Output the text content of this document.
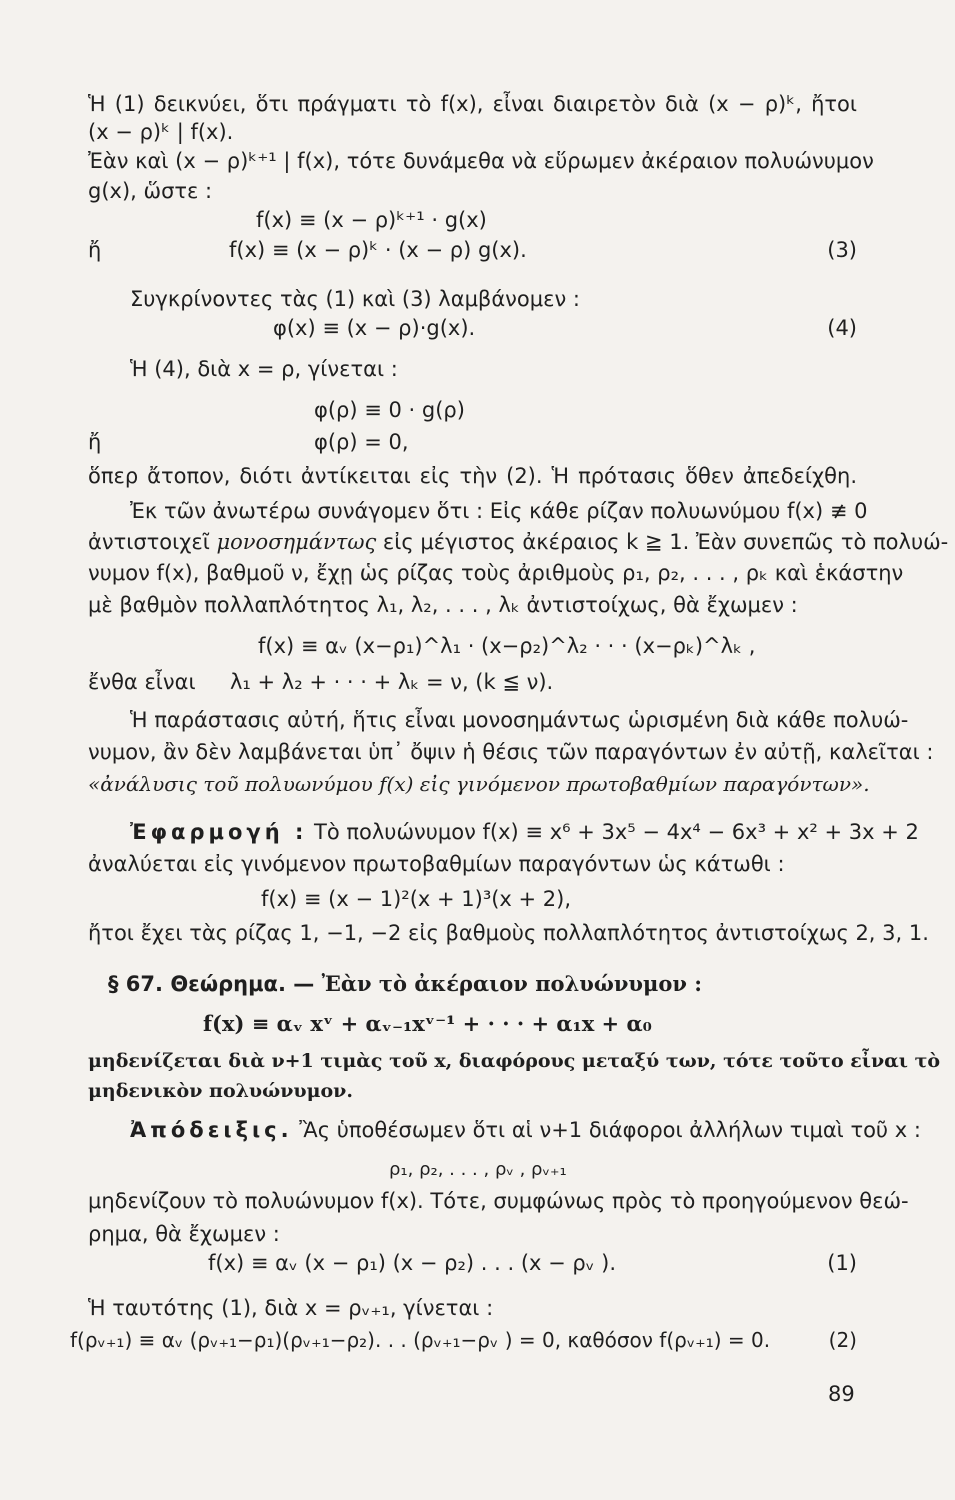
Ἡ (1) δεικνύει, ὅτι πράγματι τὸ f(x), εἶναι διαιρετὸν διὰ (x − ρ)ᵏ, ἤτοι
(x − ρ)ᵏ | f(x).
Ἐὰν καὶ (x − ρ)ᵏ⁺¹ | f(x), τότε δυνάμεθα νὰ εὕρωμεν ἀκέραιον πολυώνυμον
g(x), ὥστε :
f(x) ≡ (x − ρ)ᵏ⁺¹ · g(x)
ἤ	f(x) ≡ (x − ρ)ᵏ · (x − ρ) g(x).	(3)
Συγκρίνοντες τὰς (1) καὶ (3) λαμβάνομεν :
φ(x) ≡ (x − ρ)·g(x).	(4)
Ἡ (4), διὰ x = ρ, γίνεται :
φ(ρ) ≡ 0 · g(ρ)
ἤ	φ(ρ) = 0,
ὅπερ ἄτοπον, διότι ἀντίκειται εἰς τὴν (2). Ἡ πρότασις ὅθεν ἀπεδείχθη.
Ἐκ τῶν ἀνωτέρω συνάγομεν ὅτι : Εἰς κάθε ρίζαν πολυωνύμου f(x) ≢ 0
ἀντιστοιχεῖ μονοσημάντως εἰς μέγιστος ἀκέραιος k ≧ 1. Ἐὰν συνεπῶς τὸ πολυώ-
νυμον f(x), βαθμοῦ ν, ἔχῃ ὡς ρίζας τοὺς ἀριθμοὺς ρ₁, ρ₂, . . . , ρₖ καὶ ἑκάστην
μὲ βαθμὸν πολλαπλότητος λ₁, λ₂, . . . , λₖ ἀντιστοίχως, θὰ ἔχωμεν :
f(x) ≡ αᵥ (x−ρ₁)^λ₁ · (x−ρ₂)^λ₂ · · · (x−ρₖ)^λₖ ,
ἔνθα εἶναι λ₁ + λ₂ + · · · + λₖ = ν, (k ≦ ν).
Ἡ παράστασις αὐτή, ἥτις εἶναι μονοσημάντως ὡρισμένη διὰ κάθε πολυώ-
νυμον, ἂν δὲν λαμβάνεται ὑπ᾿ ὄψιν ἡ θέσις τῶν παραγόντων ἐν αὐτῇ, καλεῖται :
«ἀνάλυσις τοῦ πολυωνύμου f(x) εἰς γινόμενον πρωτοβαθμίων παραγόντων».
Ἐφαρμογή : Τὸ πολυώνυμον f(x) ≡ x⁶ + 3x⁵ − 4x⁴ − 6x³ + x² + 3x + 2
ἀναλύεται εἰς γινόμενον πρωτοβαθμίων παραγόντων ὡς κάτωθι :
f(x) ≡ (x − 1)²(x + 1)³(x + 2),
ἤτοι ἔχει τὰς ρίζας 1, −1, −2 εἰς βαθμοὺς πολλαπλότητος ἀντιστοίχως 2, 3, 1.
§ 67. Θεώρημα. — Ἐὰν τὸ ἀκέραιον πολυώνυμον :
f(x) ≡ αᵥ xᵛ + αᵥ₋₁xᵛ⁻¹ + · · · + α₁x + α₀
μηδενίζεται διὰ ν+1 τιμὰς τοῦ x, διαφόρους μεταξύ των, τότε τοῦτο εἶναι τὸ
μηδενικὸν πολυώνυμον.
Ἀπόδειξις. Ἂς ὑποθέσωμεν ὅτι αἱ ν+1 διάφοροι ἀλλήλων τιμαὶ τοῦ x :
ρ₁, ρ₂, . . . , ρᵥ , ρᵥ₊₁
μηδενίζουν τὸ πολυώνυμον f(x). Τότε, συμφώνως πρὸς τὸ προηγούμενον θεώ-
ρημα, θὰ ἔχωμεν :
f(x) ≡ αᵥ (x − ρ₁) (x − ρ₂) . . . (x − ρᵥ ).	(1)
Ἡ ταυτότης (1), διὰ x = ρᵥ₊₁, γίνεται :
f(ρᵥ₊₁) ≡ αᵥ (ρᵥ₊₁−ρ₁)(ρᵥ₊₁−ρ₂). . . (ρᵥ₊₁−ρᵥ ) = 0, καθόσον f(ρᵥ₊₁) = 0.	(2)
89
